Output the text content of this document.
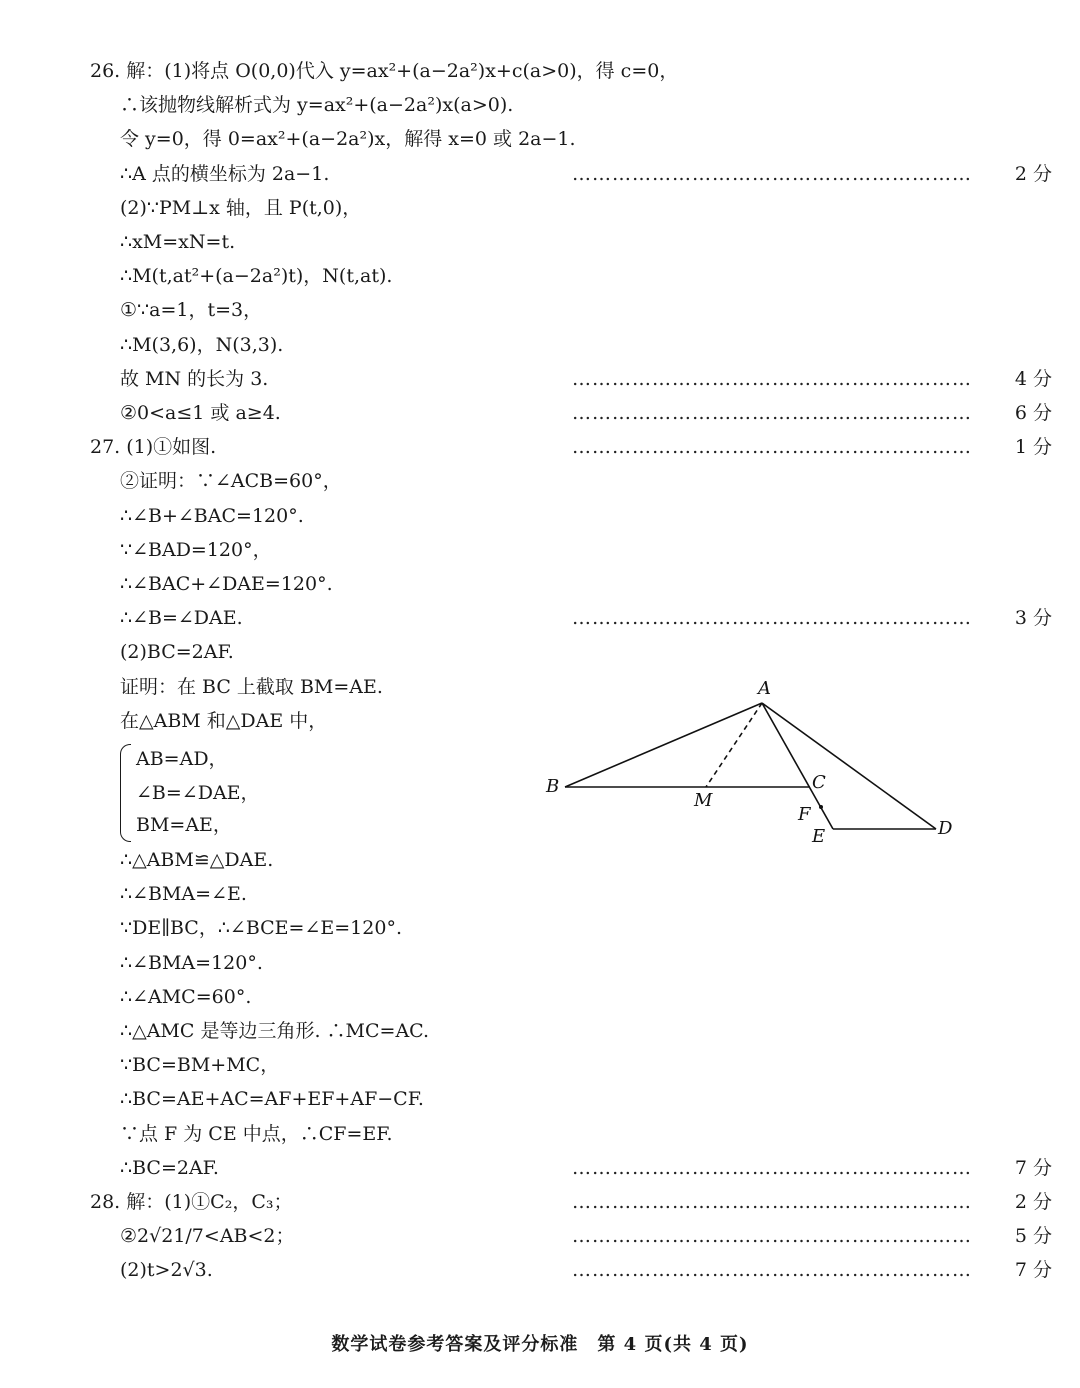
26. 解：(1)将点 O(0,0)代入 y=ax²+(a−2a²)x+c(a>0)，得 c=0，
∴该抛物线解析式为 y=ax²+(a−2a²)x(a>0).
令 y=0，得 0=ax²+(a−2a²)x，解得 x=0 或 2a−1.
∴A 点的横坐标为 2a−1.	2 分
……………………………………………………
(2)∵PM⊥x 轴，且 P(t,0)，
∴xM=xN=t.
∴M(t,at²+(a−2a²)t)，N(t,at).
①∵a=1，t=3，
∴M(3,6)，N(3,3).
故 MN 的长为 3.	4 分
……………………………………………………
②0<a≤1 或 a≥4.	6 分
……………………………………………………
27. (1)①如图.	1 分
……………………………………………………
②证明：∵∠ACB=60°，
∴∠B+∠BAC=120°.
∵∠BAD=120°，
∴∠BAC+∠DAE=120°.
∴∠B=∠DAE.	3 分
……………………………………………………
(2)BC=2AF.
证明：在 BC 上截取 BM=AE.
在△ABM 和△DAE 中，
∴△ABM≌△DAE.
∴∠BMA=∠E.
∵DE∥BC，∴∠BCE=∠E=120°.
∴∠BMA=120°.
∴∠AMC=60°.
∴△AMC 是等边三角形. ∴MC=AC.
∵BC=BM+MC，
∴BC=AE+AC=AF+EF+AF−CF.
∵点 F 为 CE 中点，∴CF=EF.
∴BC=2AF.	7 分
……………………………………………………
28. 解：(1)①C₂，C₃；	2 分
……………………………………………………
②2√21/7<AB<2；	5 分
……………………………………………………
(2)t>2√3.	7 分
……………………………………………………
AB=AD，
∠B=∠DAE，
BM=AE，
A
B	C
D
E
F
M
数学试卷参考答案及评分标准　第 4 页(共 4 页)
